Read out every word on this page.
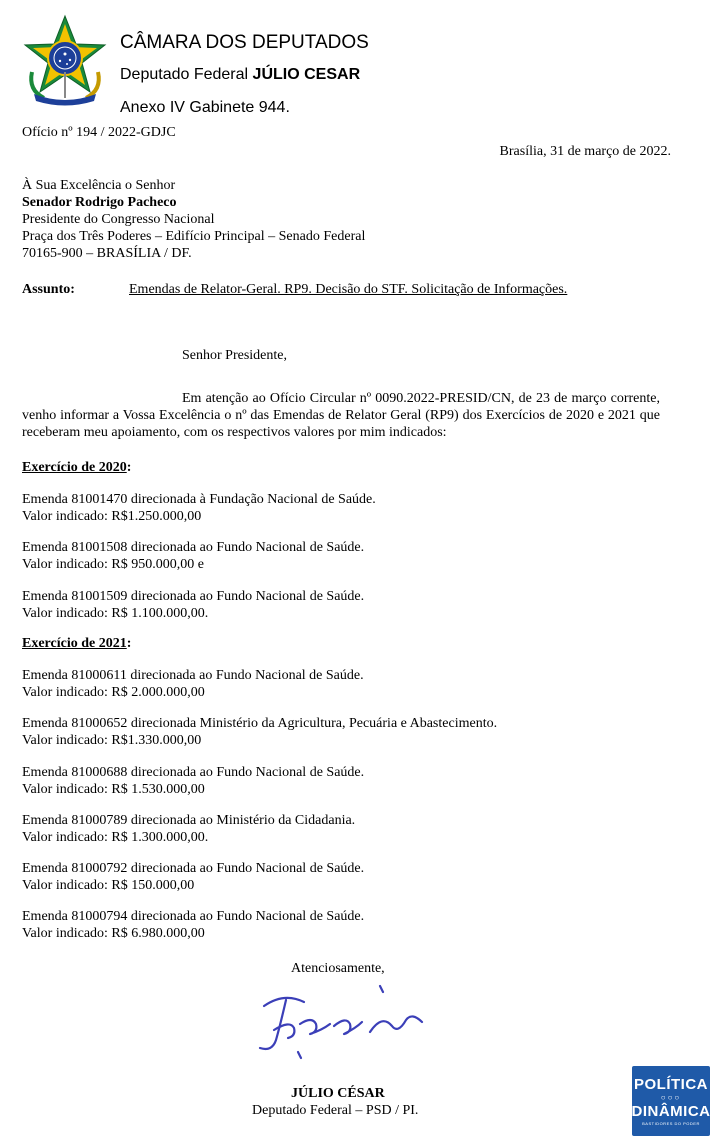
CÂMARA DOS DEPUTADOS
Deputado Federal JÚLIO CESAR
Anexo IV Gabinete 944.
Ofício nº 194 / 2022-GDJC
Brasília, 31 de março de 2022.
À Sua Excelência o Senhor
Senador Rodrigo Pacheco
Presidente do Congresso Nacional
Praça dos Três Poderes – Edifício Principal – Senado Federal
70165-900 – BRASÍLIA / DF.
Assunto:	Emendas de Relator-Geral. RP9. Decisão do STF. Solicitação de Informações.
Senhor Presidente,
Em atenção ao Ofício Circular nº 0090.2022-PRESID/CN, de 23 de março corrente, venho informar a Vossa Excelência o nº das Emendas de Relator Geral (RP9) dos Exercícios de 2020 e 2021 que receberam meu apoiamento, com os respectivos valores por mim indicados:
Exercício de 2020:
Emenda 81001470 direcionada à Fundação Nacional de Saúde.
Valor indicado: R$1.250.000,00
Emenda 81001508 direcionada ao Fundo Nacional de Saúde.
Valor indicado: R$ 950.000,00 e
Emenda 81001509 direcionada ao Fundo Nacional de Saúde.
Valor indicado: R$ 1.100.000,00.
Exercício de 2021:
Emenda 81000611 direcionada ao Fundo Nacional de Saúde.
Valor indicado: R$ 2.000.000,00
Emenda 81000652 direcionada Ministério da Agricultura, Pecuária e Abastecimento.
Valor indicado: R$1.330.000,00
Emenda 81000688 direcionada ao Fundo Nacional de Saúde.
Valor indicado: R$ 1.530.000,00
Emenda 81000789 direcionada ao Ministério da Cidadania.
Valor indicado: R$ 1.300.000,00.
Emenda 81000792 direcionada ao Fundo Nacional de Saúde.
Valor indicado: R$ 150.000,00
Emenda 81000794 direcionada ao Fundo Nacional de Saúde.
Valor indicado: R$ 6.980.000,00
Atenciosamente,
JÚLIO CÉSAR
Deputado Federal – PSD / PI.
POLÍTICA
○○○
DINÂMICA
BASTIDORES DO PODER
